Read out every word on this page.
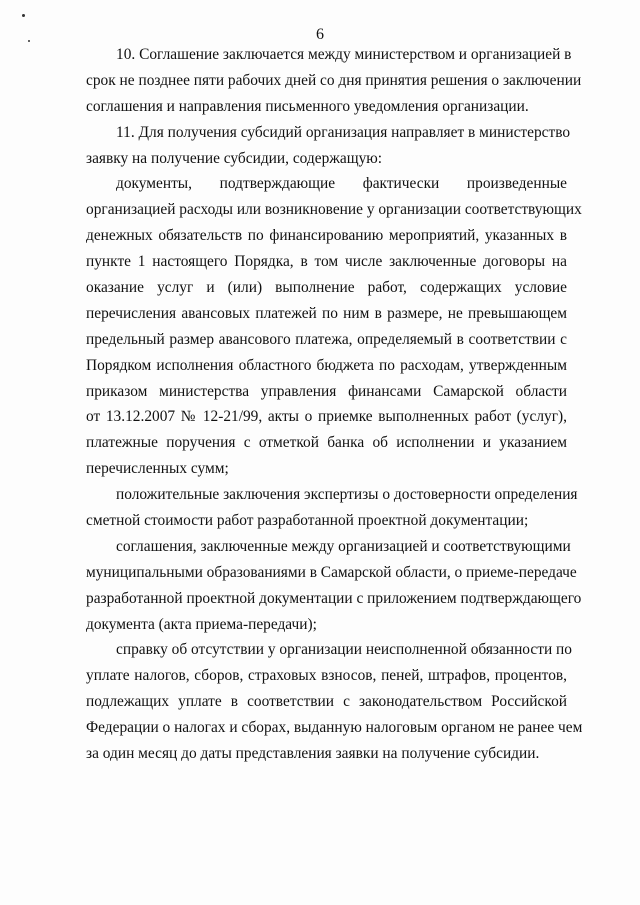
6

10. Соглашение заключается между министерством и организацией в
срок не позднее пяти рабочих дней со дня принятия решения о заключении
соглашения и направления письменного уведомления организации.

11. Для получения субсидий организация направляет в министерство
заявку на получение субсидии, содержащую:

документы, подтверждающие фактически произведенные
организацией расходы или возникновение у организации соответствующих
денежных обязательств по финансированию мероприятий, указанных в
пункте 1 настоящего Порядка, в том числе заключенные договоры на
оказание услуг и (или) выполнение работ, содержащих условие
перечисления авансовых платежей по ним в размере, не превышающем
предельный размер авансового платежа, определяемый в соответствии с
Порядком исполнения областного бюджета по расходам, утвержденным
приказом министерства управления финансами Самарской области
от 13.12.2007 № 12-21/99, акты о приемке выполненных работ (услуг),
платежные поручения с отметкой банка об исполнении и указанием
перечисленных сумм;

положительные заключения экспертизы о достоверности определения
сметной стоимости работ разработанной проектной документации;

соглашения, заключенные между организацией и соответствующими
муниципальными образованиями в Самарской области, о приеме-передаче
разработанной проектной документации с приложением подтверждающего
документа (акта приема-передачи);

справку об отсутствии у организации неисполненной обязанности по
уплате налогов, сборов, страховых взносов, пеней, штрафов, процентов,
подлежащих уплате в соответствии с законодательством Российской
Федерации о налогах и сборах, выданную налоговым органом не ранее чем
за один месяц до даты представления заявки на получение субсидии.
